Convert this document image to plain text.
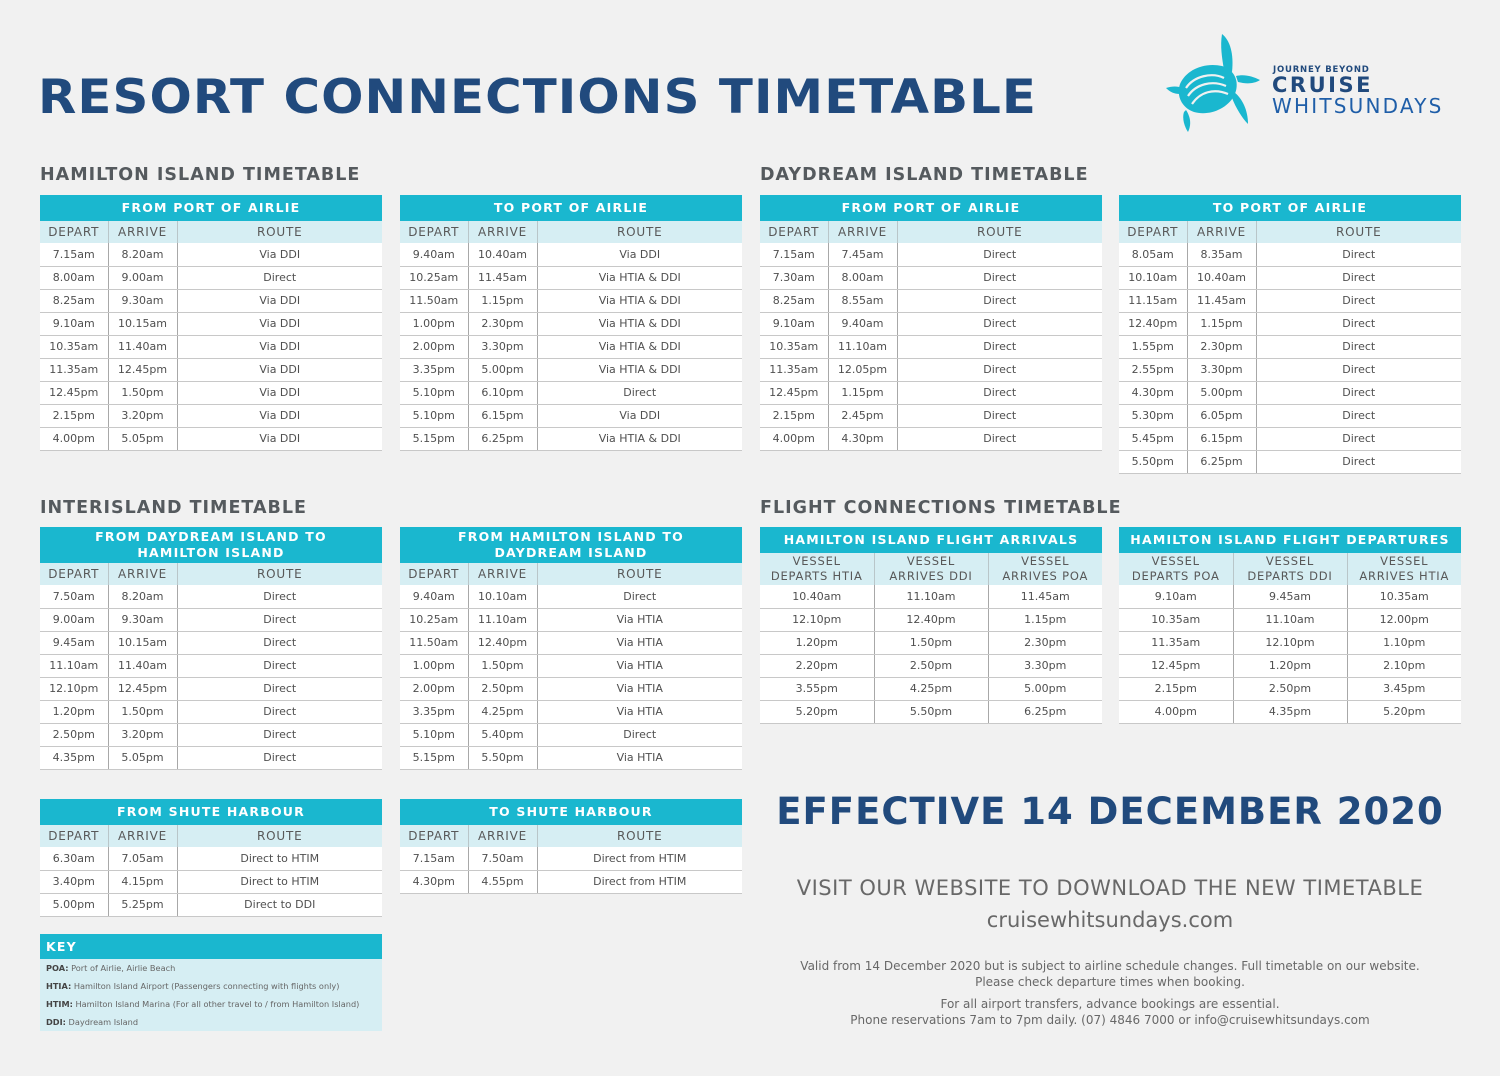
RESORT CONNECTIONS TIMETABLE	JOURNEY BEYOND
CRUISE
WHITSUNDAYS
HAMILTON ISLAND TIMETABLE	DAYDREAM ISLAND TIMETABLE
INTERISLAND TIMETABLE	FLIGHT CONNECTIONS TIMETABLE
FROM PORT OF AIRLIE		
DEPART	ARRIVE	ROUTE
7.15am	8.20am	Via DDI
8.00am	9.00am	Direct
8.25am	9.30am	Via DDI
9.10am	10.15am	Via DDI
10.35am	11.40am	Via DDI
11.35am	12.45pm	Via DDI
12.45pm	1.50pm	Via DDI
2.15pm	3.20pm	Via DDI
4.00pm	5.05pm	Via DDI
TO PORT OF AIRLIE		
DEPART	ARRIVE	ROUTE
9.40am	10.40am	Via DDI
10.25am	11.45am	Via HTIA & DDI
11.50am	1.15pm	Via HTIA & DDI
1.00pm	2.30pm	Via HTIA & DDI
2.00pm	3.30pm	Via HTIA & DDI
3.35pm	5.00pm	Via HTIA & DDI
5.10pm	6.10pm	Direct
5.10pm	6.15pm	Via DDI
5.15pm	6.25pm	Via HTIA & DDI
FROM PORT OF AIRLIE		
DEPART	ARRIVE	ROUTE
7.15am	7.45am	Direct
7.30am	8.00am	Direct
8.25am	8.55am	Direct
9.10am	9.40am	Direct
10.35am	11.10am	Direct
11.35am	12.05pm	Direct
12.45pm	1.15pm	Direct
2.15pm	2.45pm	Direct
4.00pm	4.30pm	Direct
TO PORT OF AIRLIE		
DEPART	ARRIVE	ROUTE
8.05am	8.35am	Direct
10.10am	10.40am	Direct
11.15am	11.45am	Direct
12.40pm	1.15pm	Direct
1.55pm	2.30pm	Direct
2.55pm	3.30pm	Direct
4.30pm	5.00pm	Direct
5.30pm	6.05pm	Direct
5.45pm	6.15pm	Direct
5.50pm	6.25pm	Direct
FROM DAYDREAM ISLAND TO
HAMILTON ISLAND		

DEPART	ARRIVE	ROUTE
7.50am	8.20am	Direct
9.00am	9.30am	Direct
9.45am	10.15am	Direct
11.10am	11.40am	Direct
12.10pm	12.45pm	Direct
1.20pm	1.50pm	Direct
2.50pm	3.20pm	Direct
4.35pm	5.05pm	Direct
FROM HAMILTON ISLAND TO
DAYDREAM ISLAND		

DEPART	ARRIVE	ROUTE
9.40am	10.10am	Direct
10.25am	11.10am	Via HTIA
11.50am	12.40pm	Via HTIA
1.00pm	1.50pm	Via HTIA
2.00pm	2.50pm	Via HTIA
3.35pm	4.25pm	Via HTIA
5.10pm	5.40pm	Direct
5.15pm	5.50pm	Via HTIA
FROM SHUTE HARBOUR		
DEPART	ARRIVE	ROUTE
6.30am	7.05am	Direct to HTIM
3.40pm	4.15pm	Direct to HTIM
5.00pm	5.25pm	Direct to DDI
TO SHUTE HARBOUR		
DEPART	ARRIVE	ROUTE
7.15am	7.50am	Direct from HTIM
4.30pm	4.55pm	Direct from HTIM
HAMILTON ISLAND FLIGHT ARRIVALS		

VESSEL
DEPARTS HTIA

VESSEL
ARRIVES DDI

VESSEL
ARRIVES POA

10.40am	11.10am	11.45am
12.10pm	12.40pm	1.15pm
1.20pm	1.50pm	2.30pm
2.20pm	2.50pm	3.30pm
3.55pm	4.25pm	5.00pm
5.20pm	5.50pm	6.25pm
HAMILTON ISLAND FLIGHT DEPARTURES		

VESSEL
DEPARTS POA

VESSEL
DEPARTS DDI

VESSEL
ARRIVES HTIA

9.10am	9.45am	10.35am
10.35am	11.10am	12.00pm
11.35am	12.10pm	1.10pm
12.45pm	1.20pm	2.10pm
2.15pm	2.50pm	3.45pm
4.00pm	4.35pm	5.20pm
KEY
POA: Port of Airlie, Airlie Beach
HTIA: Hamilton Island Airport (Passengers connecting with flights only)
HTIM: Hamilton Island Marina (For all other travel to / from Hamilton Island)
DDI: Daydream Island
EFFECTIVE 14 DECEMBER 2020
VISIT OUR WEBSITE TO DOWNLOAD THE NEW TIMETABLE
cruisewhitsundays.com
Valid from 14 December 2020 but is subject to airline schedule changes. Full timetable on our website.
Please check departure times when booking.
For all airport transfers, advance bookings are essential.
Phone reservations 7am to 7pm daily. (07) 4846 7000 or info@cruisewhitsundays.com
